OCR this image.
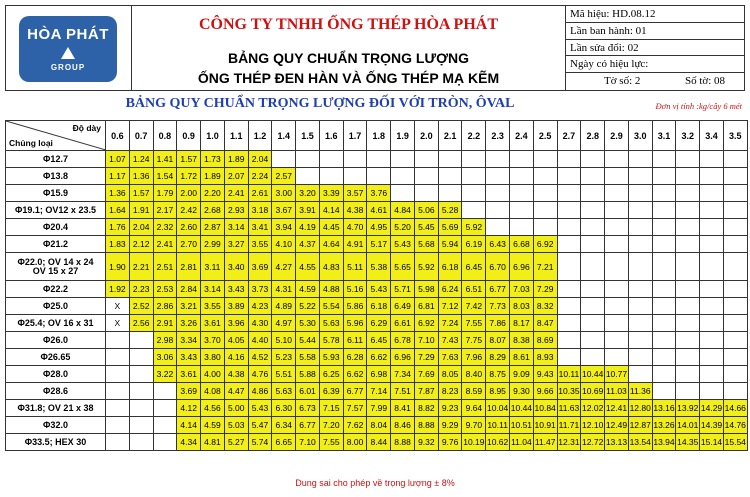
HÒA PHÁT
GROUP
CÔNG TY TNHH ỐNG THÉP HÒA PHÁT
BẢNG QUY CHUẨN TRỌNG LƯỢNG
ỐNG THÉP ĐEN HÀN VÀ ỐNG THÉP MẠ KẼM
Mã hiệu: HD.08.12
Lần ban hành: 01
Lần sửa đổi: 02
Ngày có hiệu lực:
Tờ số: 2	Số tờ: 08
BẢNG QUY CHUẨN TRỌNG LƯỢNG ĐỐI VỚI TRÒN, ÔVAL	Đơn vị tính :kg/cây 6 mét
Độ dày
Chủng loại	0.6	0.7	0.8	0.9	1.0	1.1	1.2	1.4	1.5	1.6	1.7	1.8	1.9	2.0	2.1	2.2	2.3	2.4	2.5	2.7	2.8	2.9	3.0	3.1	3.2	3.4	3.5
Φ12.7	1.07	1.24	1.41	1.57	1.73	1.89	2.04																				
Φ13.8	1.17	1.36	1.54	1.72	1.89	2.07	2.24	2.57																			
Φ15.9	1.36	1.57	1.79	2.00	2.20	2.41	2.61	3.00	3.20	3.39	3.57	3.76															
Φ19.1; OV12 x 23.5	1.64	1.91	2.17	2.42	2.68	2.93	3.18	3.67	3.91	4.14	4.38	4.61	4.84	5.06	5.28												
Φ20.4	1.76	2.04	2.32	2.60	2.87	3.14	3.41	3.94	4.19	4.45	4.70	4.95	5.20	5.45	5.69	5.92											
Φ21.2	1.83	2.12	2.41	2.70	2.99	3.27	3.55	4.10	4.37	4.64	4.91	5.17	5.43	5.68	5.94	6.19	6.43	6.68	6.92								
Φ22.0; OV 14 x 24
OV 15 x 27	1.90	2.21	2.51	2.81	3.11	3.40	3.69	4.27	4.55	4.83	5.11	5.38	5.65	5.92	6.18	6.45	6.70	6.96	7.21								
Φ22.2	1.92	2.23	2.53	2.84	3.14	3.43	3.73	4.31	4.59	4.88	5.16	5.43	5.71	5.98	6.24	6.51	6.77	7.03	7.29								
Φ25.0	X	2.52	2.86	3.21	3.55	3.89	4.23	4.89	5.22	5.54	5.86	6.18	6.49	6.81	7.12	7.42	7.73	8.03	8.32								
Φ25.4; OV 16 x 31	X	2.56	2.91	3.26	3.61	3.96	4.30	4.97	5.30	5.63	5.96	6.29	6.61	6.92	7.24	7.55	7.86	8.17	8.47								
Φ26.0			2.98	3.34	3.70	4.05	4.40	5.10	5.44	5.78	6.11	6.45	6.78	7.10	7.43	7.75	8.07	8.38	8.69								
Φ26.65			3.06	3.43	3.80	4.16	4.52	5.23	5.58	5.93	6.28	6.62	6.96	7.29	7.63	7.96	8.29	8.61	8.93								
Φ28.0			3.22	3.61	4.00	4.38	4.76	5.51	5.88	6.25	6.62	6.98	7.34	7.69	8.05	8.40	8.75	9.09	9.43	10.11	10.44	10.77					
Φ28.6				3.69	4.08	4.47	4.86	5.63	6.01	6.39	6.77	7.14	7.51	7.87	8.23	8.59	8.95	9.30	9.66	10.35	10.69	11.03	11.36				
Φ31.8; OV 21 x 38				4.12	4.56	5.00	5.43	6.30	6.73	7.15	7.57	7.99	8.41	8.82	9.23	9.64	10.04	10.44	10.84	11.63	12.02	12.41	12.80	13.16	13.92	14.29	14.66
Φ32.0				4.14	4.59	5.03	5.47	6.34	6.77	7.20	7.62	8.04	8.46	8.88	9.29	9.70	10.11	10.51	10.91	11.71	12.10	12.49	12.87	13.26	14.01	14.39	14.76
Φ33.5; HEX 30				4.34	4.81	5.27	5.74	6.65	7.10	7.55	8.00	8.44	8.88	9.32	9.76	10.19	10.62	11.04	11.47	12.31	12.72	13.13	13.54	13.94	14.35	15.14	15.54
Dung sai cho phép về trọng lượng ± 8%
